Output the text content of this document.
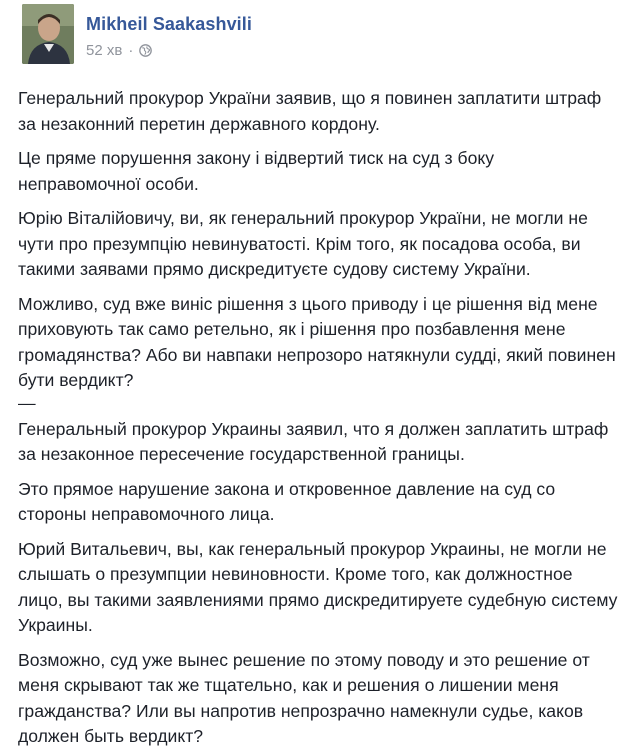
Mikheil Saakashvili
52 хв ·

Генеральний прокурор України заявив, що я повинен заплатити штраф за незаконний перетин державного кордону.

Це пряме порушення закону і відвертий тиск на суд з боку неправомочної особи.

Юрію Віталійовичу, ви, як генеральний прокурор України, не могли не чути про презумпцію невинуватості. Крім того, як посадова особа, ви такими заявами прямо дискредитуєте судову систему України.

Можливо, суд вже виніс рішення з цього приводу і це рішення від мене приховують так само ретельно, як і рішення про позбавлення мене громадянства? Або ви навпаки непрозоро натякнули судді, який повинен бути вердикт?

—

Генеральный прокурор Украины заявил, что я должен заплатить штраф за незаконное пересечение государственной границы.

Это прямое нарушение закона и откровенное давление на суд со стороны неправомочного лица.

Юрий Витальевич, вы, как генеральный прокурор Украины, не могли не слышать о презумпции невиновности. Кроме того, как должностное лицо, вы такими заявлениями прямо дискредитируете судебную систему Украины.

Возможно, суд уже вынес решение по этому поводу и это решение от меня скрывают так же тщательно, как и решения о лишении меня гражданства? Или вы напротив непрозрачно намекнули судье, каков должен быть вердикт?
